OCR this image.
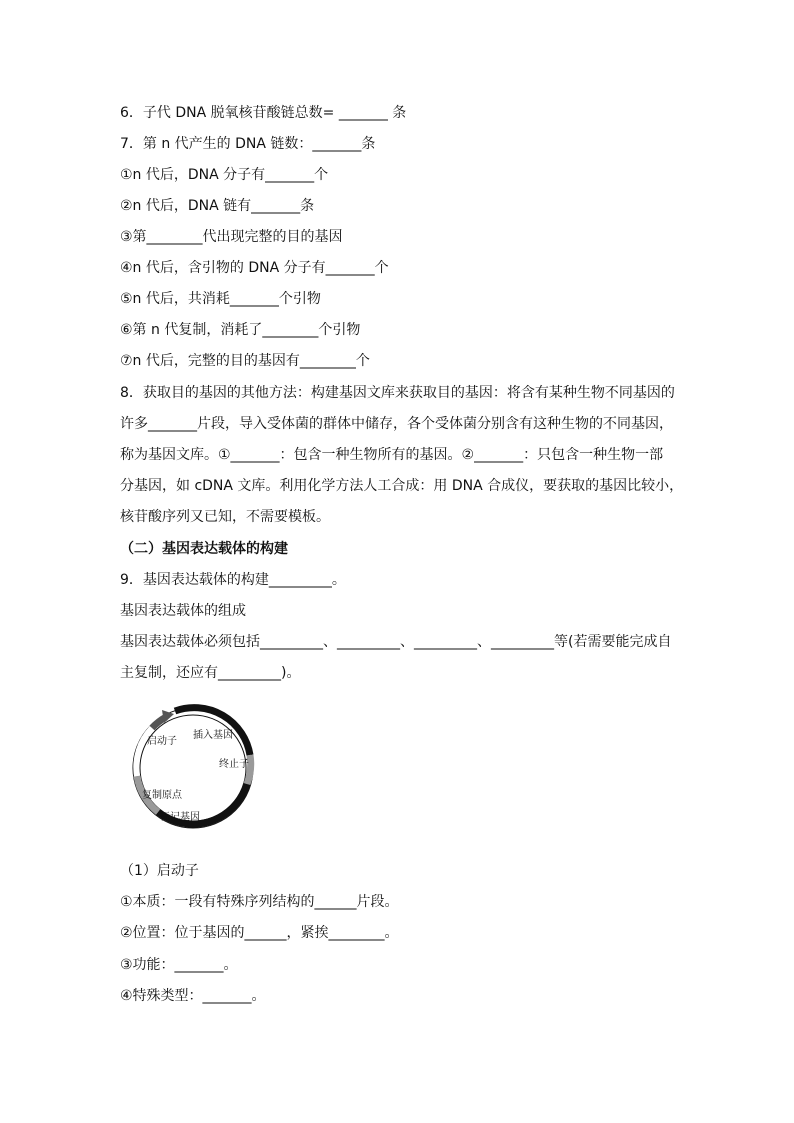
6．子代 DNA 脱氧核苷酸链总数= _______ 条
7．第 n 代产生的 DNA 链数：_______条
①n 代后，DNA 分子有_______个
②n 代后，DNA 链有_______条
③第________代出现完整的目的基因
④n 代后，含引物的 DNA 分子有_______个
⑤n 代后，共消耗_______个引物
⑥第 n 代复制，消耗了________个引物
⑦n 代后，完整的目的基因有________个
8．获取目的基因的其他方法：构建基因文库来获取目的基因：将含有某种生物不同基因的
许多_______片段，导入受体菌的群体中储存，各个受体菌分别含有这种生物的不同基因，
称为基因文库。①_______：包含一种生物所有的基因。②_______：只包含一种生物一部
分基因，如 cDNA 文库。利用化学方法人工合成：用 DNA 合成仪，要获取的基因比较小，
核苷酸序列又已知，不需要模板。
（二）基因表达载体的构建
9．基因表达载体的构建_________。
基因表达载体的组成
基因表达载体必须包括_________、_________、_________、_________等(若需要能完成自
主复制，还应有_________)。
启动子
插入基因
终止子
复制原点
标记基因
（1）启动子
①本质：一段有特殊序列结构的______片段。
②位置：位于基因的______，紧挨________。
③功能：_______。
④特殊类型：_______。
